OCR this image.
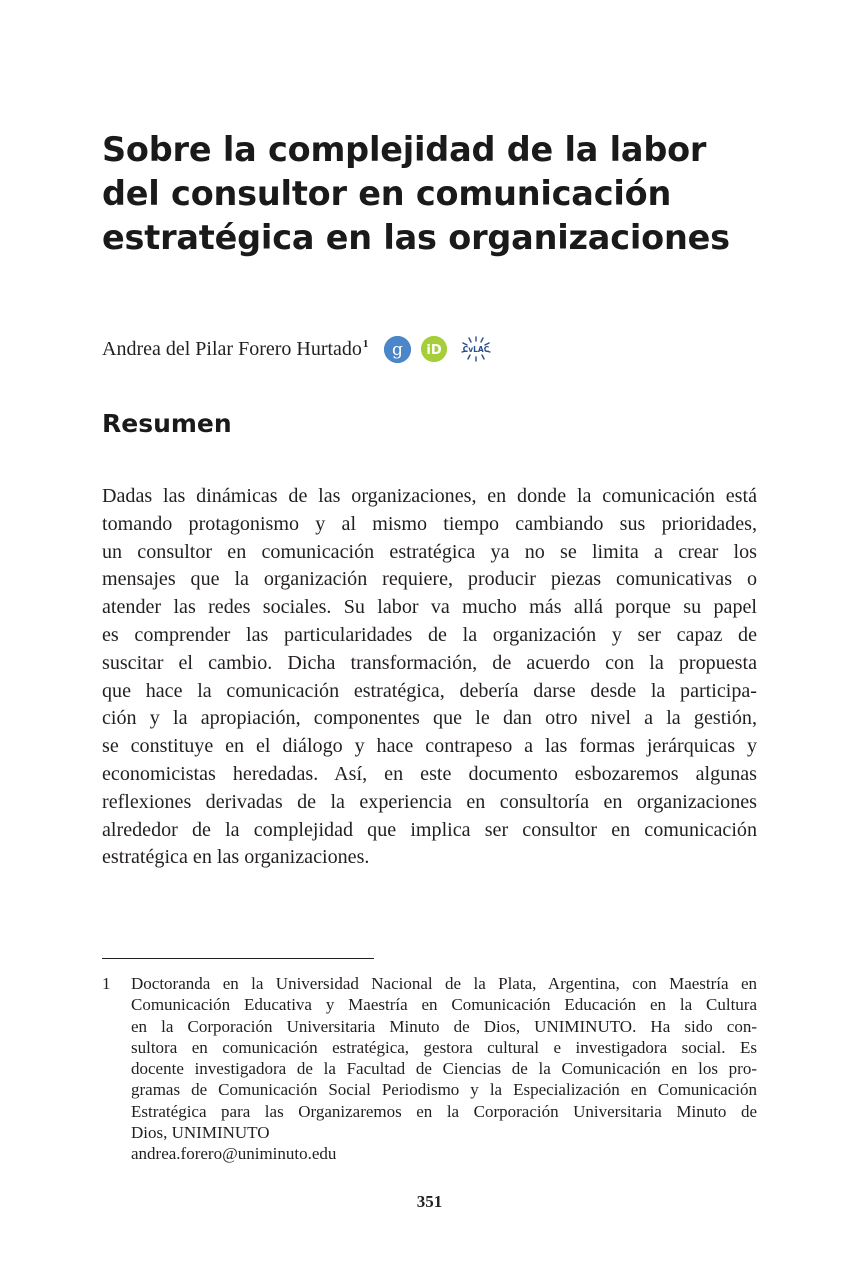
Sobre la complejidad de la labor
del consultor en comunicación
estratégica en las organizaciones
Andrea del Pilar Forero Hurtado$^1$ g iD	CvLAC
Resumen
Dadas las dinámicas de las organizaciones, en donde la comunicación está
tomando protagonismo y al mismo tiempo cambiando sus prioridades,
un consultor en comunicación estratégica ya no se limita a crear los
mensajes que la organización requiere, producir piezas comunicativas o
atender las redes sociales. Su labor va mucho más allá porque su papel
es comprender las particularidades de la organización y ser capaz de
suscitar el cambio. Dicha transformación, de acuerdo con la propuesta
que hace la comunicación estratégica, debería darse desde la participa-
ción y la apropiación, componentes que le dan otro nivel a la gestión,
se constituye en el diálogo y hace contrapeso a las formas jerárquicas y
economicistas heredadas. Así, en este documento esbozaremos algunas
reflexiones derivadas de la experiencia en consultoría en organizaciones
alrededor de la complejidad que implica ser consultor en comunicación
estratégica en las organizaciones.
1 Doctoranda en la Universidad Nacional de la Plata, Argentina, con Maestría en
Comunicación Educativa y Maestría en Comunicación Educación en la Cultura
en la Corporación Universitaria Minuto de Dios, UNIMINUTO. Ha sido con-
sultora en comunicación estratégica, gestora cultural e investigadora social. Es
docente investigadora de la Facultad de Ciencias de la Comunicación en los pro-
gramas de Comunicación Social Periodismo y la Especialización en Comunicación
Estratégica para las Organizaremos en la Corporación Universitaria Minuto de
Dios, UNIMINUTO
andrea.forero@uniminuto.edu
351
